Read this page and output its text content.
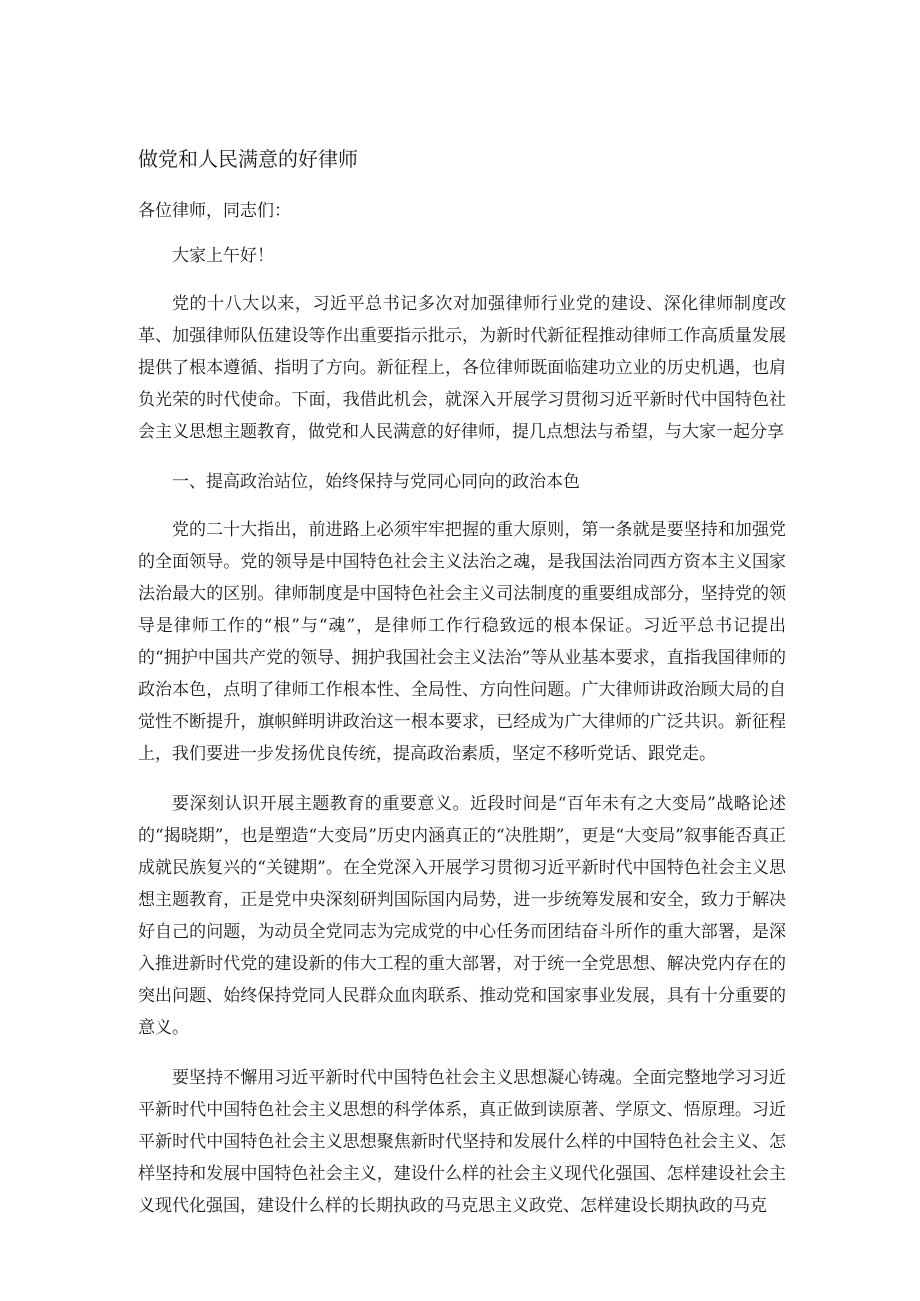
做党和人民满意的好律师

各位律师，同志们：

大家上午好！

党的十八大以来，习近平总书记多次对加强律师行业党的建设、深化律师制度改革、加强律师队伍建设等作出重要指示批示，为新时代新征程推动律师工作高质量发展提供了根本遵循、指明了方向。新征程上，各位律师既面临建功立业的历史机遇，也肩负光荣的时代使命。下面，我借此机会，就深入开展学习贯彻习近平新时代中国特色社会主义思想主题教育，做党和人民满意的好律师，提几点想法与希望，与大家一起分享

一、提高政治站位，始终保持与党同心同向的政治本色

党的二十大指出，前进路上必须牢牢把握的重大原则，第一条就是要坚持和加强党的全面领导。党的领导是中国特色社会主义法治之魂，是我国法治同西方资本主义国家法治最大的区别。律师制度是中国特色社会主义司法制度的重要组成部分，坚持党的领导是律师工作的“根”与“魂”，是律师工作行稳致远的根本保证。习近平总书记提出的“拥护中国共产党的领导、拥护我国社会主义法治”等从业基本要求，直指我国律师的政治本色，点明了律师工作根本性、全局性、方向性问题。广大律师讲政治顾大局的自觉性不断提升，旗帜鲜明讲政治这一根本要求，已经成为广大律师的广泛共识。新征程上，我们要进一步发扬优良传统，提高政治素质，坚定不移听党话、跟党走。

要深刻认识开展主题教育的重要意义。近段时间是“百年未有之大变局”战略论述的“揭晓期”，也是塑造“大变局”历史内涵真正的“决胜期”，更是“大变局”叙事能否真正成就民族复兴的“关键期”。在全党深入开展学习贯彻习近平新时代中国特色社会主义思想主题教育，正是党中央深刻研判国际国内局势，进一步统筹发展和安全，致力于解决好自己的问题，为动员全党同志为完成党的中心任务而团结奋斗所作的重大部署，是深入推进新时代党的建设新的伟大工程的重大部署，对于统一全党思想、解决党内存在的突出问题、始终保持党同人民群众血肉联系、推动党和国家事业发展，具有十分重要的意义。

要坚持不懈用习近平新时代中国特色社会主义思想凝心铸魂。全面完整地学习习近平新时代中国特色社会主义思想的科学体系，真正做到读原著、学原文、悟原理。习近平新时代中国特色社会主义思想聚焦新时代坚持和发展什么样的中国特色社会主义、怎样坚持和发展中国特色社会主义，建设什么样的社会主义现代化强国、怎样建设社会主义现代化强国，建设什么样的长期执政的马克思主义政党、怎样建设长期执政的马克
